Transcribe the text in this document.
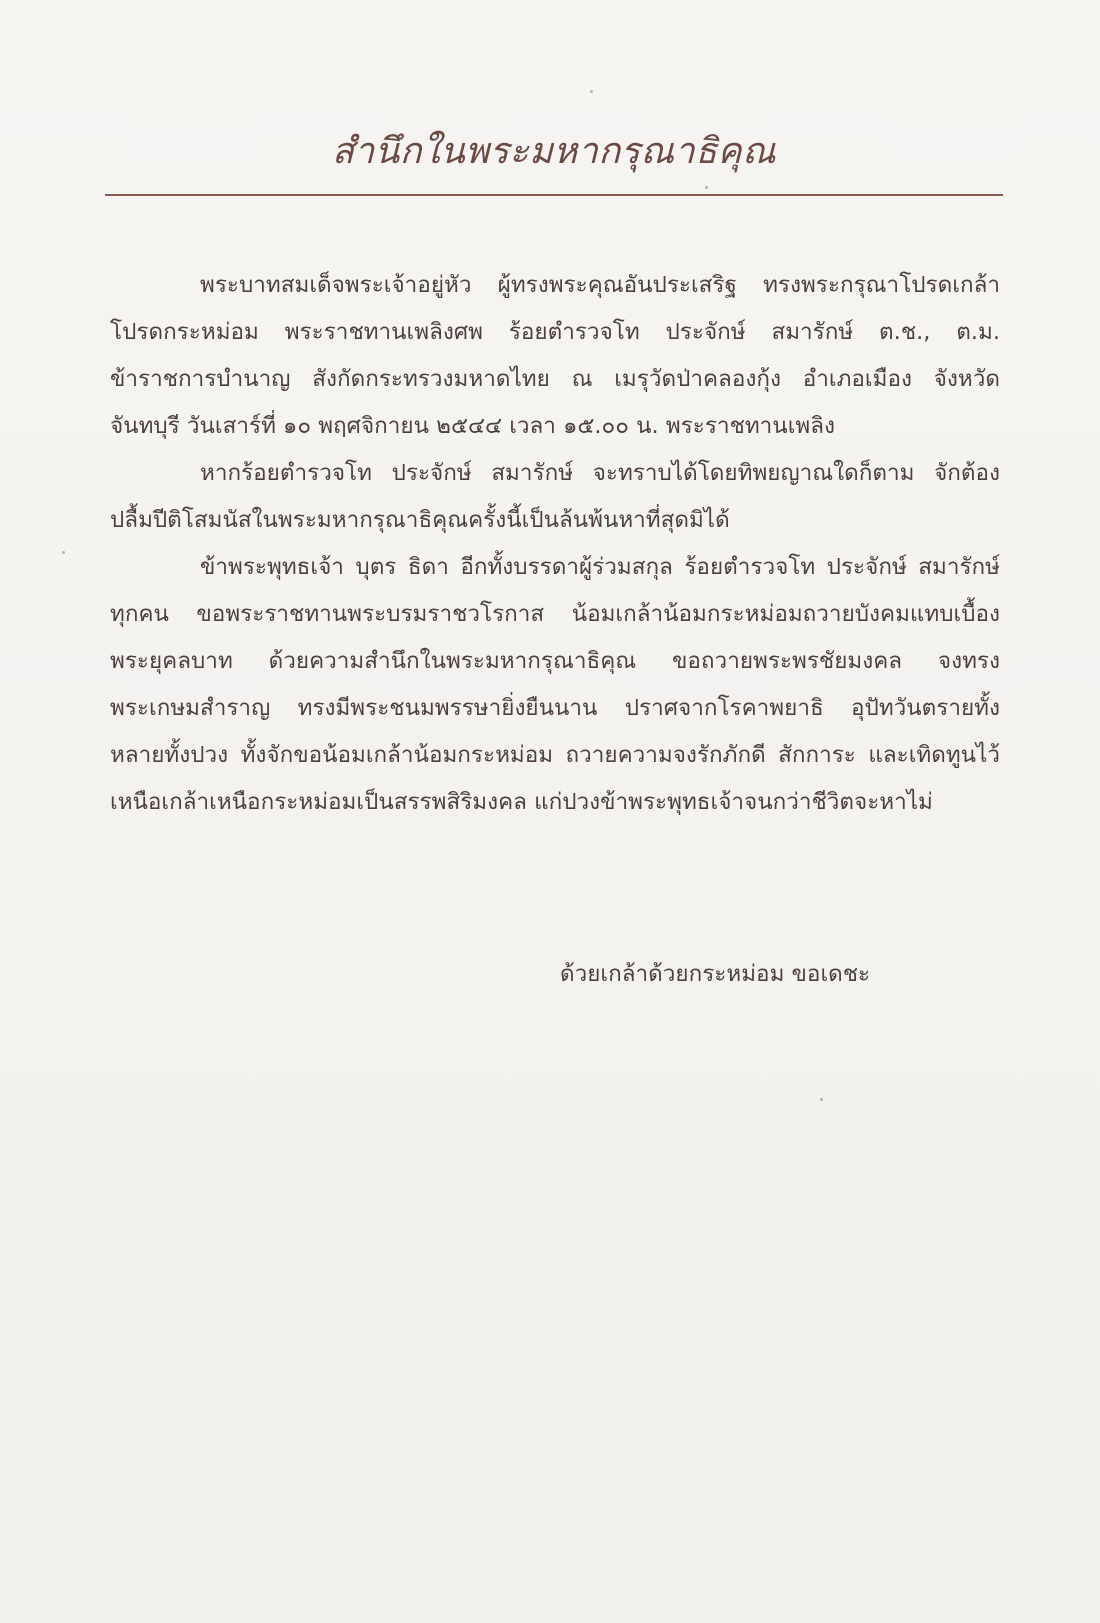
สำนึกในพระมหากรุณาธิคุณ

พระบาทสมเด็จพระเจ้าอยู่หัว ผู้ทรงพระคุณอันประเสริฐ ทรงพระกรุณาโปรดเกล้า
โปรดกระหม่อม พระราชทานเพลิงศพ ร้อยตำรวจโท ประจักษ์ สมารักษ์ ต.ช., ต.ม.
ข้าราชการบำนาญ สังกัดกระทรวงมหาดไทย ณ เมรุวัดป่าคลองกุ้ง อำเภอเมือง จังหวัด
จันทบุรี วันเสาร์ที่ ๑๐ พฤศจิกายน ๒๕๔๔ เวลา ๑๕.๐๐ น. พระราชทานเพลิง

หากร้อยตำรวจโท ประจักษ์ สมารักษ์ จะทราบได้โดยทิพยญาณใดก็ตาม จักต้อง
ปลื้มปีติโสมนัสในพระมหากรุณาธิคุณครั้งนี้เป็นล้นพ้นหาที่สุดมิได้

ข้าพระพุทธเจ้า บุตร ธิดา อีกทั้งบรรดาผู้ร่วมสกุล ร้อยตำรวจโท ประจักษ์ สมารักษ์
ทุกคน ขอพระราชทานพระบรมราชวโรกาส น้อมเกล้าน้อมกระหม่อมถวายบังคมแทบเบื้อง
พระยุคลบาท ด้วยความสำนึกในพระมหากรุณาธิคุณ ขอถวายพระพรชัยมงคล จงทรง
พระเกษมสำราญ ทรงมีพระชนมพรรษายิ่งยืนนาน ปราศจากโรคาพยาธิ อุปัทวันตรายทั้ง
หลายทั้งปวง ทั้งจักขอน้อมเกล้าน้อมกระหม่อม ถวายความจงรักภักดี สักการะ และเทิดทูนไว้
เหนือเกล้าเหนือกระหม่อมเป็นสรรพสิริมงคล แก่ปวงข้าพระพุทธเจ้าจนกว่าชีวิตจะหาไม่

ด้วยเกล้าด้วยกระหม่อม ขอเดชะ
